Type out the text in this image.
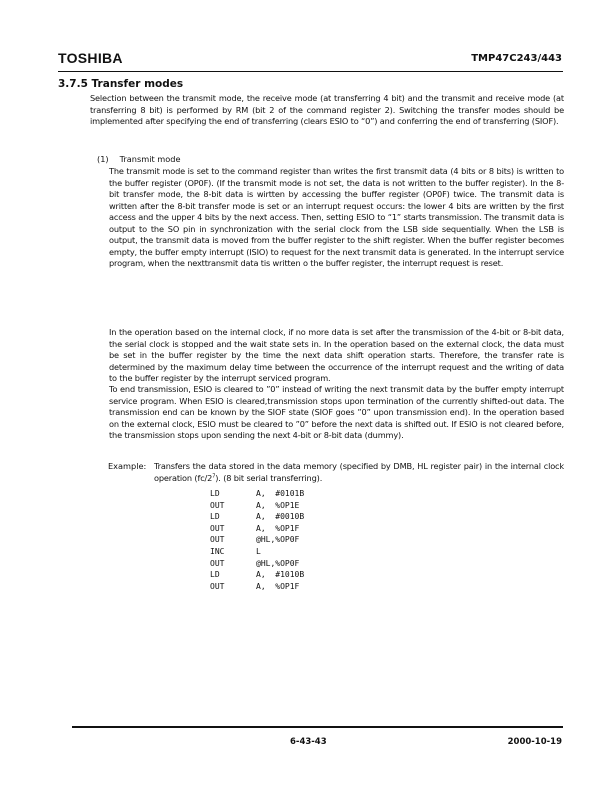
TOSHIBA	TMP47C243/443
3.7.5 Transfer modes

Selection between the transmit mode, the receive mode (at transferring 4 bit) and the transmit and receive mode (at transferring 8 bit) is performed by RM (bit 2 of the command register 2). Switching the transfer modes should be implemented after specifying the end of transferring (clears ESIO to “0”) and conferring the end of transferring (SIOF).

(1) Transmit mode

The transmit mode is set to the command register than writes the first transmit data (4 bits or 8 bits) is written to the buffer register (OP0F). (If the transmit mode is not set, the data is not written to the buffer register). In the 8-bit transfer mode, the 8-bit data is wirtten by accessing the buffer register (OP0F) twice. The transmit data is written after the 8-bit transfer mode is set or an interrupt request occurs: the lower 4 bits are written by the first access and the upper 4 bits by the next access. Then, setting ESIO to “1” starts transmission. The transmit data is output to the SO pin in synchronization with the serial clock from the LSB side sequentially. When the LSB is output, the transmit data is moved from the buffer register to the shift register. When the buffer register becomes empty, the buffer empty interrupt (ISIO) to request for the next transmit data is generated. In the interrupt service program, when the nexttransmit data tis written o the buffer register, the interrupt request is reset.

In the operation based on the internal clock, if no more data is set after the transmission of the 4-bit or 8-bit data, the serial clock is stopped and the wait state sets in. In the operation based on the external clock, the data must be set in the buffer register by the time the next data shift operation starts. Therefore, the transfer rate is determined by the maximum delay time between the occurrence of the interrupt request and the writing of data to the buffer register by the interrupt serviced program.

To end transmission, ESIO is cleared to ”0” instead of writing the next transmit data by the buffer empty interrupt service program. When ESIO is cleared,transmission stops upon termination of the currently shifted-out data. The transmission end can be known by the SIOF state (SIOF goes ”0” upon transmission end). In the operation based on the external clock, ESIO must be cleared to ”0” before the next data is shifted out. If ESIO is not cleared before, the transmission stops upon sending the next 4-bit or 8-bit data (dummy).

Example: Transfers the data stored in the data memory (specified by DMB, HL register pair) in the internal clock operation $(fc/2^7)$. (8 bit serial transferring).

LD	A,  #0101B
OUT	A,  %OP1E
LD	A,  #0010B
OUT	A,  %OP1F
OUT	@HL,%OP0F
INC	L
OUT	@HL,%OP0F
LD	A,  #1010B
OUT	A,  %OP1F
6-43-43	2000-10-19
